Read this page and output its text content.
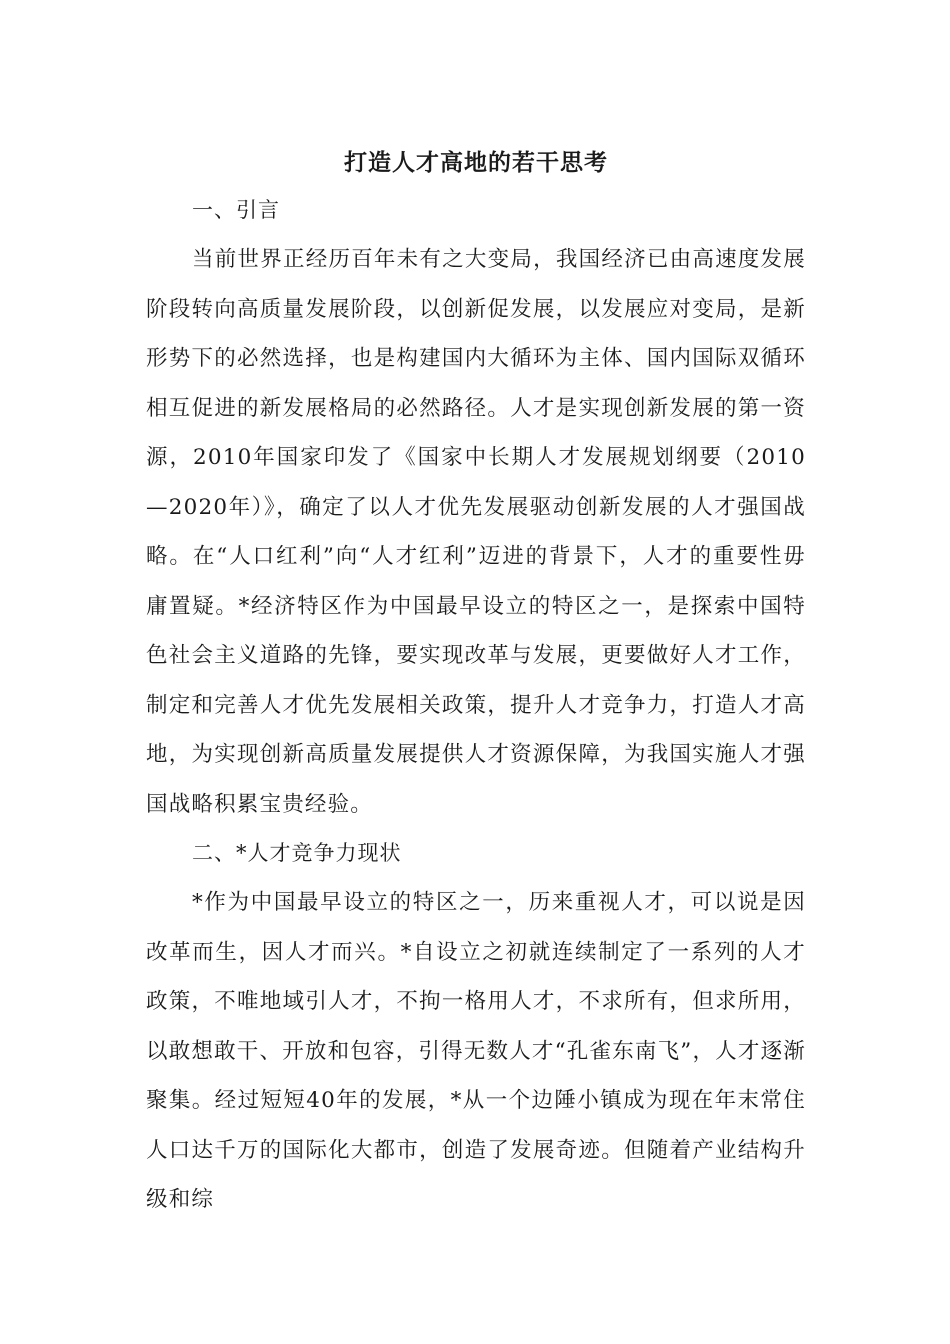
打造人才高地的若干思考
一、引言

当前世界正经历百年未有之大变局，我国经济已由高速度发展阶段转向高质量发展阶段，以创新促发展，以发展应对变局，是新形势下的必然选择，也是构建国内大循环为主体、国内国际双循环相互促进的新发展格局的必然路径。人才是实现创新发展的第一资源，2010年国家印发了《国家中长期人才发展规划纲要（2010—2020年）》，确定了以人才优先发展驱动创新发展的人才强国战略。在“人口红利”向“人才红利”迈进的背景下，人才的重要性毋庸置疑。*经济特区作为中国最早设立的特区之一，是探索中国特色社会主义道路的先锋，要实现改革与发展，更要做好人才工作，制定和完善人才优先发展相关政策，提升人才竞争力，打造人才高地，为实现创新高质量发展提供人才资源保障，为我国实施人才强国战略积累宝贵经验。

二、*人才竞争力现状

*作为中国最早设立的特区之一，历来重视人才，可以说是因改革而生，因人才而兴。*自设立之初就连续制定了一系列的人才政策，不唯地域引人才，不拘一格用人才，不求所有，但求所用，以敢想敢干、开放和包容，引得无数人才“孔雀东南飞”，人才逐渐聚集。经过短短40年的发展，*从一个边陲小镇成为现在年末常住人口达千万的国际化大都市，创造了发展奇迹。但随着产业结构升级和综
